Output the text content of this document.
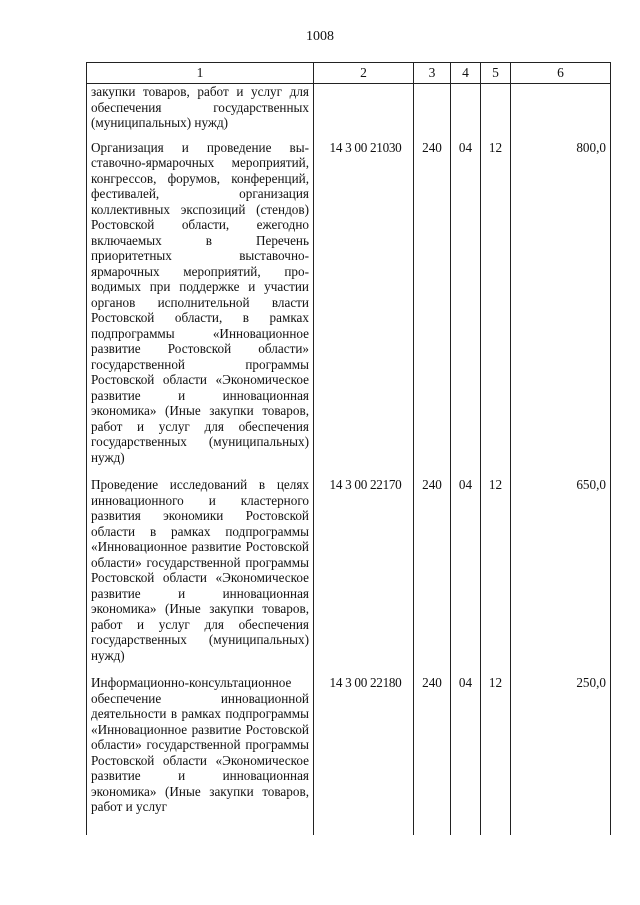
1008
1	2	3	4	5	6
закупки товаров, работ и услуг для обеспечения государственных (муниципальных) нужд)					
Организация и проведение выставочно-ярмарочных мероприятий, конгрессов, форумов, конференций, фестивалей, организация коллективных экспозиций (стендов) Ростовской области, ежегодно включаемых в Перечень приоритетных выставочно-ярмарочных мероприятий, проводимых при поддержке и участии органов исполнительной власти Ростовской области, в рамках подпрограммы «Инновационное развитие Ростовской области» государственной программы Ростовской области «Экономическое развитие и инновационная экономика» (Иные закупки товаров, работ и услуг для обеспечения государственных (муниципальных) нужд)	14 3 00 21030	240	04	12	800,0
Проведение исследований в целях инновационного и кластерного развития экономики Ростовской области в рамках подпрограммы «Инновационное развитие Ростовской области» государственной программы Ростовской области «Экономическое развитие и инновационная экономика» (Иные закупки товаров, работ и услуг для обеспечения государственных (муниципальных) нужд)	14 3 00 22170	240	04	12	650,0
Информационно-консультационное обеспечение инновационной деятельности в рамках подпрограммы «Инновационное развитие Ростовской области» государственной программы Ростовской области «Экономическое развитие и инновационная экономика» (Иные закупки товаров, работ и услуг	14 3 00 22180	240	04	12	250,0
